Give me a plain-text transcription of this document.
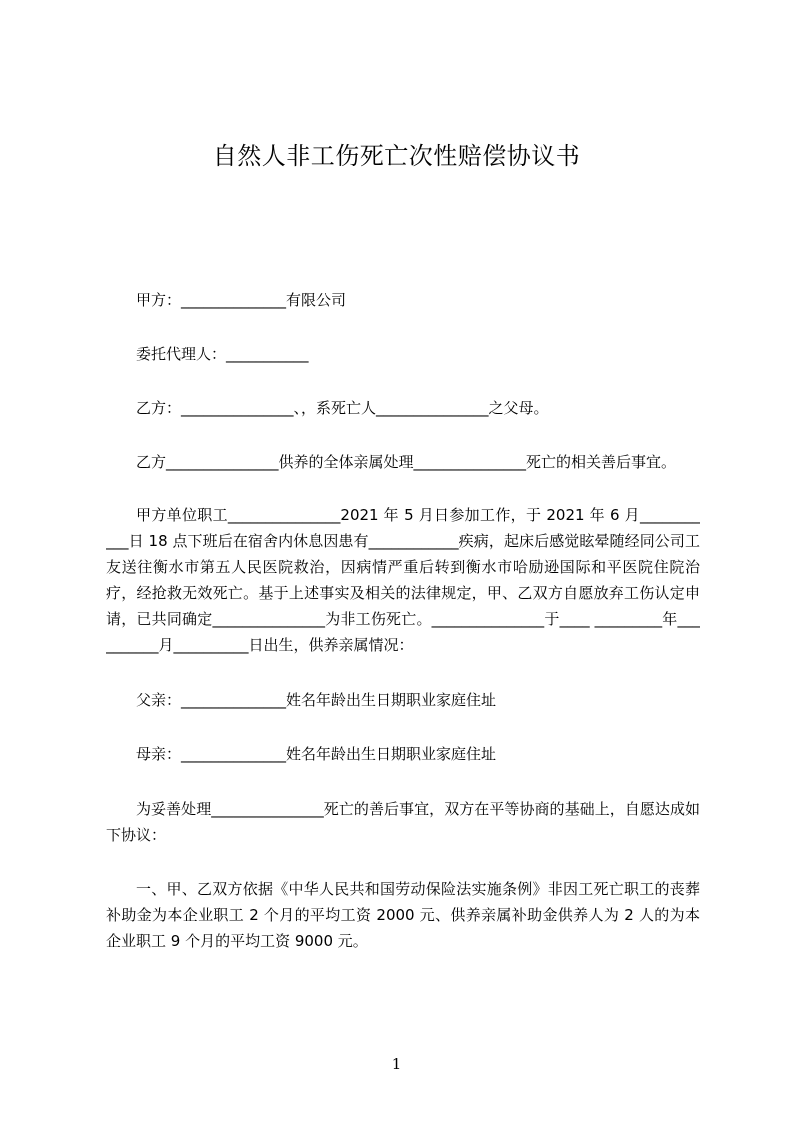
自然人非工伤死亡次性赔偿协议书
甲方：______________有限公司
委托代理人：___________
乙方：_______________、，系死亡人_______________之父母。
乙方_______________供养的全体亲属处理_______________死亡的相关善后事宜。
甲方单位职工_______________2021 年 5 月日参加工作，于 2021 年 6 月________ ___日 18 点下班后在宿舍内休息因患有____________疾病，起床后感觉眩晕随经同公司工友送往衡水市第五人民医院救治，因病情严重后转到衡水市哈励逊国际和平医院住院治疗，经抢救无效死亡。基于上述事实及相关的法律规定，甲、乙双方自愿放弃工伤认定申请，已共同确定_______________为非工伤死亡。_______________于____ _________年__________月__________日出生，供养亲属情况：
父亲：______________姓名年龄出生日期职业家庭住址
母亲：______________姓名年龄出生日期职业家庭住址
为妥善处理_______________死亡的善后事宜，双方在平等协商的基础上，自愿达成如下协议：
一、甲、乙双方依据《中华人民共和国劳动保险法实施条例》非因工死亡职工的丧葬补助金为本企业职工 2 个月的平均工资 2000 元、供养亲属补助金供养人为 2 人的为本企业职工 9 个月的平均工资 9000 元。
1
